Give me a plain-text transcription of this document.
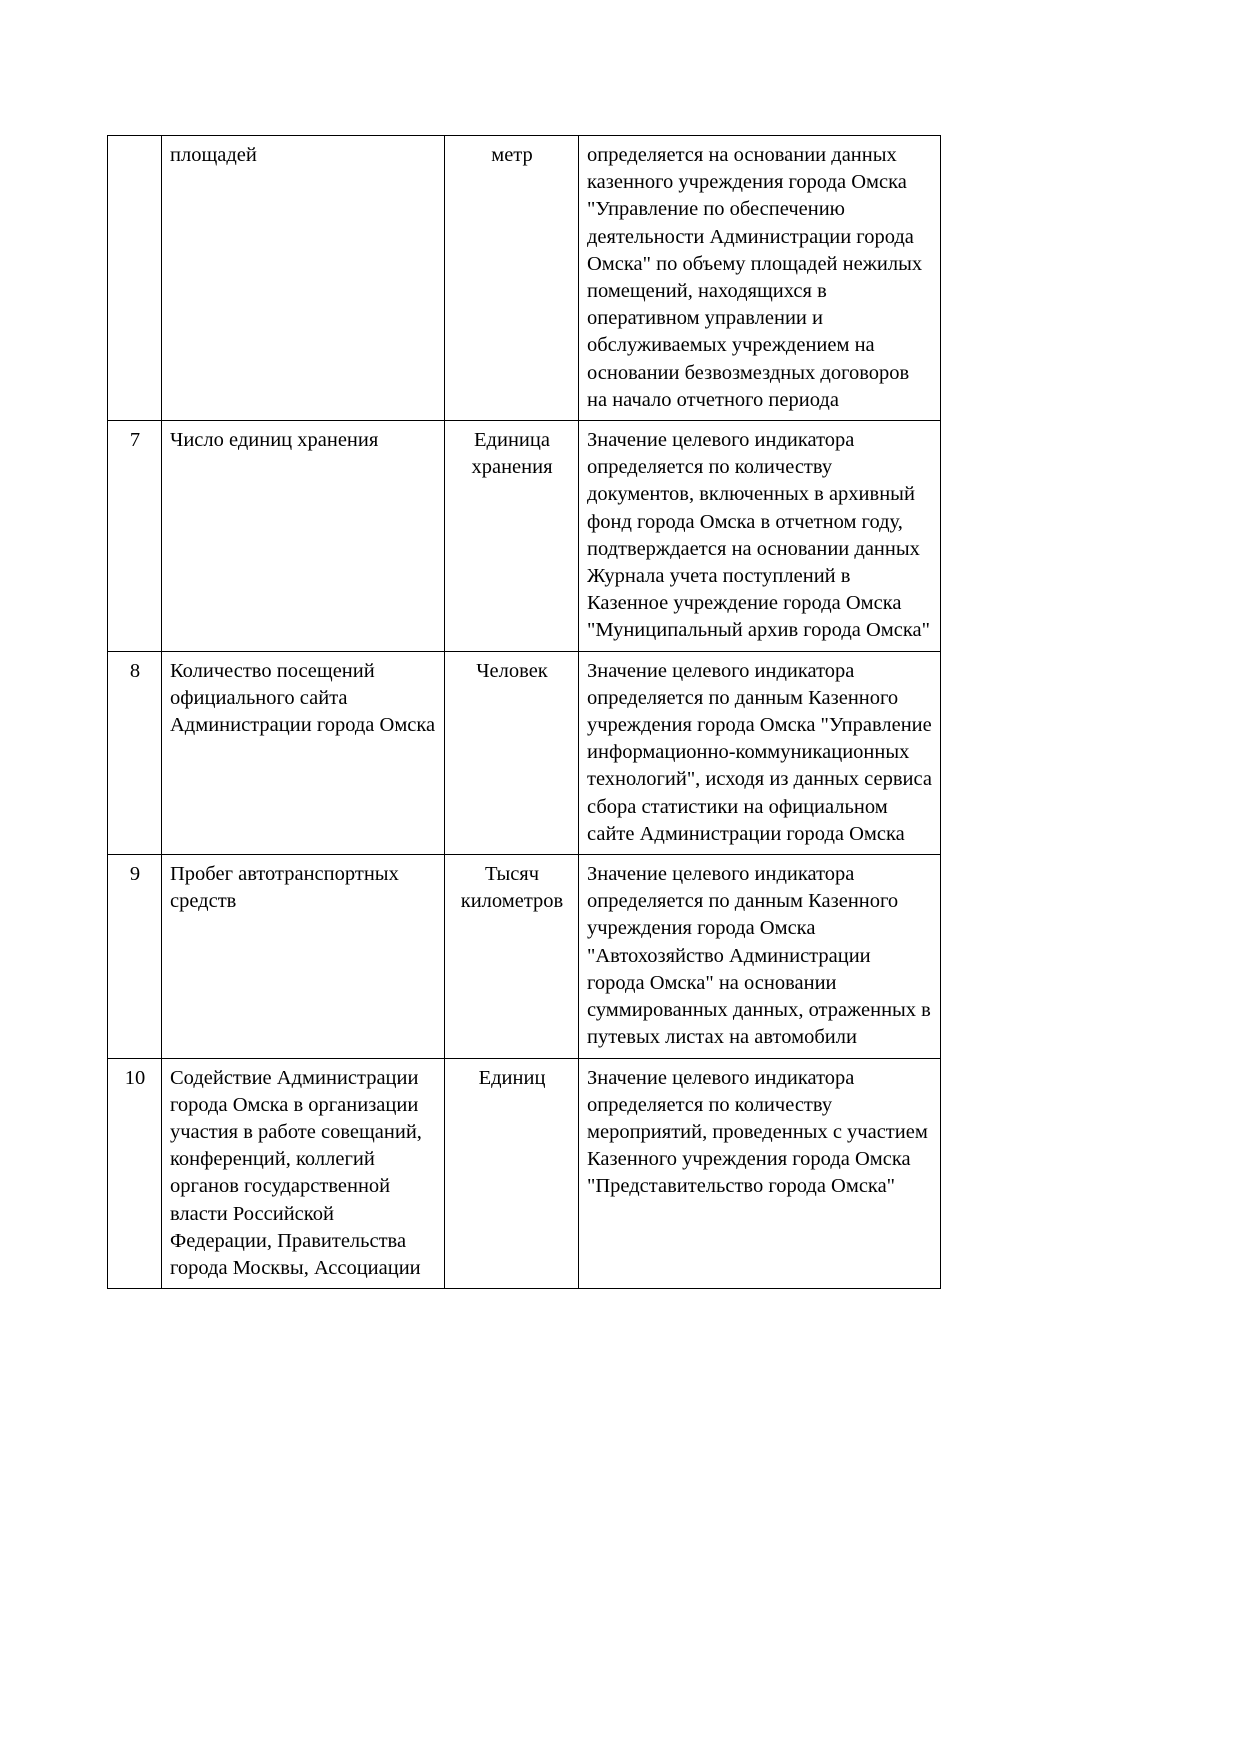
	площадей	метр	определяется на основании данных казенного учреждения города Омска "Управление по обеспечению деятельности Администрации города Омска" по объему площадей нежилых помещений, находящихся в оперативном управлении и обслуживаемых учреждением на основании безвозмездных договоров на начало отчетного периода

7	Число единиц хранения	Единица хранения	Значение целевого индикатора определяется по количеству документов, включенных в архивный фонд города Омска в отчетном году, подтверждается на основании данных Журнала учета поступлений в Казенное учреждение города Омска "Муниципальный архив города Омска"

8	Количество посещений официального сайта Администрации города Омска	Человек	Значение целевого индикатора определяется по данным Казенного учреждения города Омска "Управление информационно-коммуникационных технологий", исходя из данных сервиса сбора статистики на официальном сайте Администрации города Омска

9	Пробег автотранспортных средств	Тысяч километров	Значение целевого индикатора определяется по данным Казенного учреждения города Омска "Автохозяйство Администрации города Омска" на основании суммированных данных, отраженных в путевых листах на автомобили

10	Содействие Администрации города Омска в организации участия в работе совещаний, конференций, коллегий органов государственной власти Российской Федерации, Правительства города Москвы, Ассоциации	Единиц	Значение целевого индикатора определяется по количеству мероприятий, проведенных с участием Казенного учреждения города Омска "Представительство города Омска"
